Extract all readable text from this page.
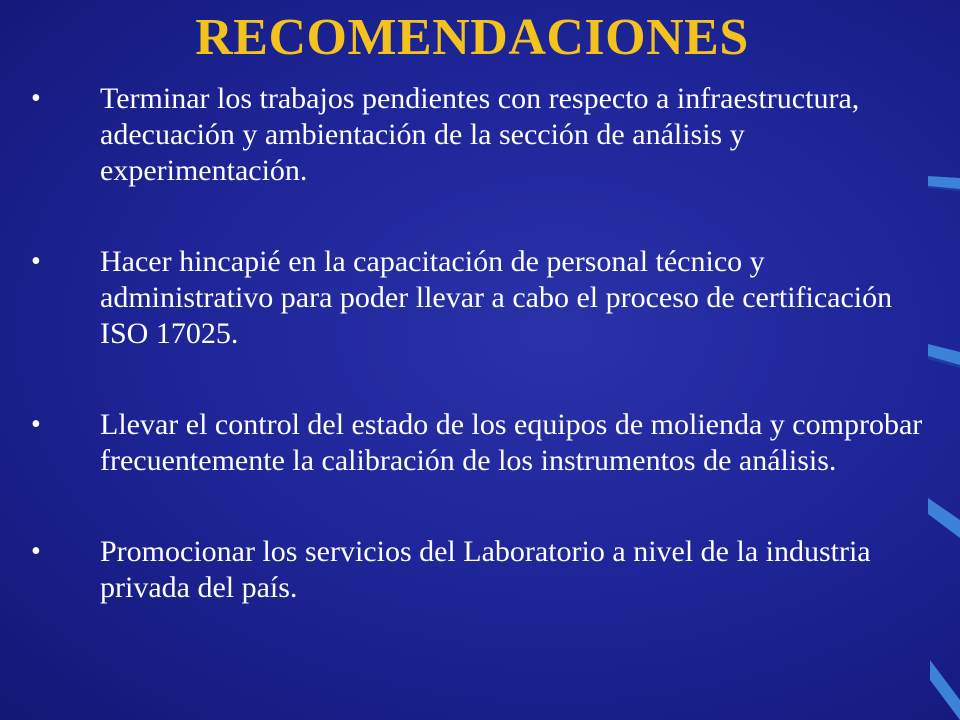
RECOMENDACIONES
• Terminar los trabajos pendientes con respecto a infraestructura, adecuación y ambientación de la sección de análisis y experimentación.
• Hacer hincapié en la capacitación de personal técnico y administrativo para poder llevar a cabo el proceso de certificación ISO 17025.
• Llevar el control del estado de los equipos de molienda y comprobar frecuentemente la calibración de los instrumentos de análisis.
• Promocionar los servicios del Laboratorio a nivel de la industria privada del país.
